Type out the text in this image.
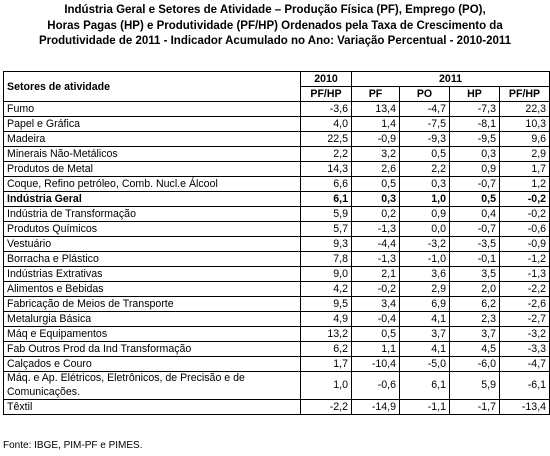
Indústria Geral e Setores de Atividade – Produção Física (PF), Emprego (PO),
Horas Pagas (HP) e Produtividade (PF/HP) Ordenados pela Taxa de Crescimento da
Produtividade de 2011 - Indicador Acumulado no Ano: Variação Percentual - 2010-2011
Setores de atividade	2010	2011			
	PF/HP	PF	PO	HP	PF/HP
Fumo	-3,6	13,4	-4,7	-7,3	22,3
Papel e Gráfica	4,0	1,4	-7,5	-8,1	10,3
Madeira	22,5	-0,9	-9,3	-9,5	9,6
Minerais Não-Metálicos	2,2	3,2	0,5	0,3	2,9
Produtos de Metal	14,3	2,6	2,2	0,9	1,7
Coque, Refino petróleo, Comb. Nucl.e Álcool	6,6	0,5	0,3	-0,7	1,2
Indústria Geral	6,1	0,3	1,0	0,5	-0,2
Indústria de Transformação	5,9	0,2	0,9	0,4	-0,2
Produtos Químicos	5,7	-1,3	0,0	-0,7	-0,6
Vestuário	9,3	-4,4	-3,2	-3,5	-0,9
Borracha e Plástico	7,8	-1,3	-1,0	-0,1	-1,2
Indústrias Extrativas	9,0	2,1	3,6	3,5	-1,3
Alimentos e Bebidas	4,2	-0,2	2,9	2,0	-2,2
Fabricação de Meios de Transporte	9,5	3,4	6,9	6,2	-2,6
Metalurgia Básica	4,9	-0,4	4,1	2,3	-2,7
Máq e Equipamentos	13,2	0,5	3,7	3,7	-3,2
Fab Outros Prod da Ind Transformação	6,2	1,1	4,1	4,5	-3,3
Calçados e Couro	1,7	-10,4	-5,0	-6,0	-4,7
Máq. e Ap. Elétricos, Eletrônicos, de Precisão e de Comunicações.	1,0	-0,6	6,1	5,9	-6,1
Têxtil	-2,2	-14,9	-1,1	-1,7	-13,4
Fonte: IBGE, PIM-PF e PIMES.
